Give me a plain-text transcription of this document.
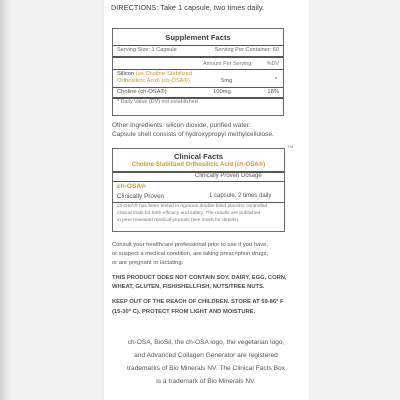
DIRECTIONS: Take 1 capsule, two times daily.
Supplement Facts
Serving Size: 1 Capsule	Serving Per Container: 60
Amount Per Serving	%DV
Silicon (as Choline-Stabilized
Orthosilicic Acid) (ch-OSA®)	5mg	*
Choline (ch-OSA®)	100mg	18%
* Daily Value (DV) not established
Other Ingredients: silicon dioxide, purified water.
Capsule shell consists of hydroxypropyl methylcellulose.
TM
Clinical Facts
Choline-Stabilized Orthosilicic Acid (ch-OSA®)
Clinically Proven Dosage
ch-OSA®
Clinically Proven	1 capsule, 2 times daily
ch-OSA® has been tested in rigorous double-blind placebo controlled
clinical trials for both efficacy and safety. The results are published
in peer reviewed medical journals (see insert for details).
Consult your healthcare professional prior to use if you have,
or suspect a medical condition, are taking prescription drugs,
or are pregnant or lactating.
THIS PRODUCT DOES NOT CONTAIN SOY, DAIRY, EGG, CORN,
WHEAT, GLUTEN, FISH/SHELLFISH, NUTS/TREE NUTS.
KEEP OUT OF THE REACH OF CHILDREN. STORE AT 59-86° F
(15-30° C). PROTECT FROM LIGHT AND MOISTURE.
ch-OSA, BioSil, the ch-OSA logo, the vegetarian logo,
and Advanced Collagen Generator are registered
trademarks of Bio Minerals NV. The Clinical Facts Box
is a trademark of Bio Minerals NV.
